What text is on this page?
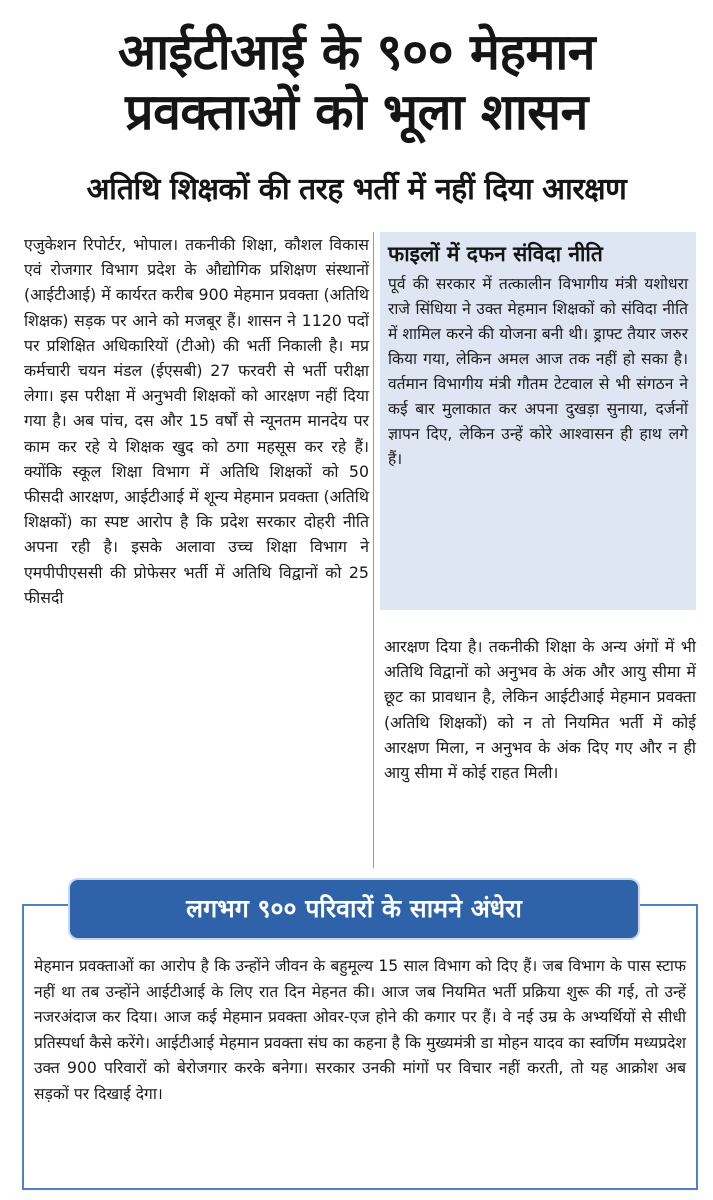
आईटीआई के ९०० मेहमान
प्रवक्ताओं को भूला शासन
अतिथि शिक्षकों की तरह भर्ती में नहीं दिया आरक्षण

एजुकेशन रिपोर्टर, भोपाल। तकनीकी शिक्षा, कौशल विकास एवं रोजगार विभाग प्रदेश के औद्योगिक प्रशिक्षण संस्थानों (आईटीआई) में कार्यरत करीब 900 मेहमान प्रवक्ता (अतिथि शिक्षक) सड़क पर आने को मजबूर हैं। शासन ने 1120 पदों पर प्रशिक्षित अधिकारियों (टीओ) की भर्ती निकाली है। मप्र कर्मचारी चयन मंडल (ईएसबी) 27 फरवरी से भर्ती परीक्षा लेगा। इस परीक्षा में अनुभवी शिक्षकों को आरक्षण नहीं दिया गया है। अब पांच, दस और 15 वर्षों से न्यूनतम मानदेय पर काम कर रहे ये शिक्षक खुद को ठगा महसूस कर रहे हैं। क्योंकि स्कूल शिक्षा विभाग में अतिथि शिक्षकों को 50 फीसदी आरक्षण, आईटीआई में शून्य मेहमान प्रवक्ता (अतिथि शिक्षकों) का स्पष्ट आरोप है कि प्रदेश सरकार दोहरी नीति अपना रही है। इसके अलावा उच्च शिक्षा विभाग ने एमपीपीएससी की प्रोफेसर भर्ती में अतिथि विद्वानों को 25 फीसदी

फाइलों में दफन संविदा नीति

पूर्व की सरकार में तत्कालीन विभागीय मंत्री यशोधरा राजे सिंधिया ने उक्त मेहमान शिक्षकों को संविदा नीति में शामिल करने की योजना बनी थी। ड्राफ्ट तैयार जरुर किया गया, लेकिन अमल आज तक नहीं हो सका है। वर्तमान विभागीय मंत्री गौतम टेटवाल से भी संगठन ने कई बार मुलाकात कर अपना दुखड़ा सुनाया, दर्जनों ज्ञापन दिए, लेकिन उन्हें कोरे आश्वासन ही हाथ लगे हैं।

आरक्षण दिया है। तकनीकी शिक्षा के अन्य अंगों में भी अतिथि विद्वानों को अनुभव के अंक और आयु सीमा में छूट का प्रावधान है, लेकिन आईटीआई मेहमान प्रवक्ता (अतिथि शिक्षकों) को न तो नियमित भर्ती में कोई आरक्षण मिला, न अनुभव के अंक दिए गए और न ही आयु सीमा में कोई राहत मिली।

लगभग ९०० परिवारों के सामने अंधेरा

मेहमान प्रवक्ताओं का आरोप है कि उन्होंने जीवन के बहुमूल्य 15 साल विभाग को दिए हैं। जब विभाग के पास स्टाफ नहीं था तब उन्होंने आईटीआई के लिए रात दिन मेहनत की। आज जब नियमित भर्ती प्रक्रिया शुरू की गई, तो उन्हें नजरअंदाज कर दिया। आज कई मेहमान प्रवक्ता ओवर-एज होने की कगार पर हैं। वे नई उम्र के अभ्यर्थियों से सीधी प्रतिस्पर्धा कैसे करेंगे। आईटीआई मेहमान प्रवक्ता संघ का कहना है कि मुख्यमंत्री डा मोहन यादव का स्वर्णिम मध्यप्रदेश उक्त 900 परिवारों को बेरोजगार करके बनेगा। सरकार उनकी मांगों पर विचार नहीं करती, तो यह आक्रोश अब सड़कों पर दिखाई देगा।
